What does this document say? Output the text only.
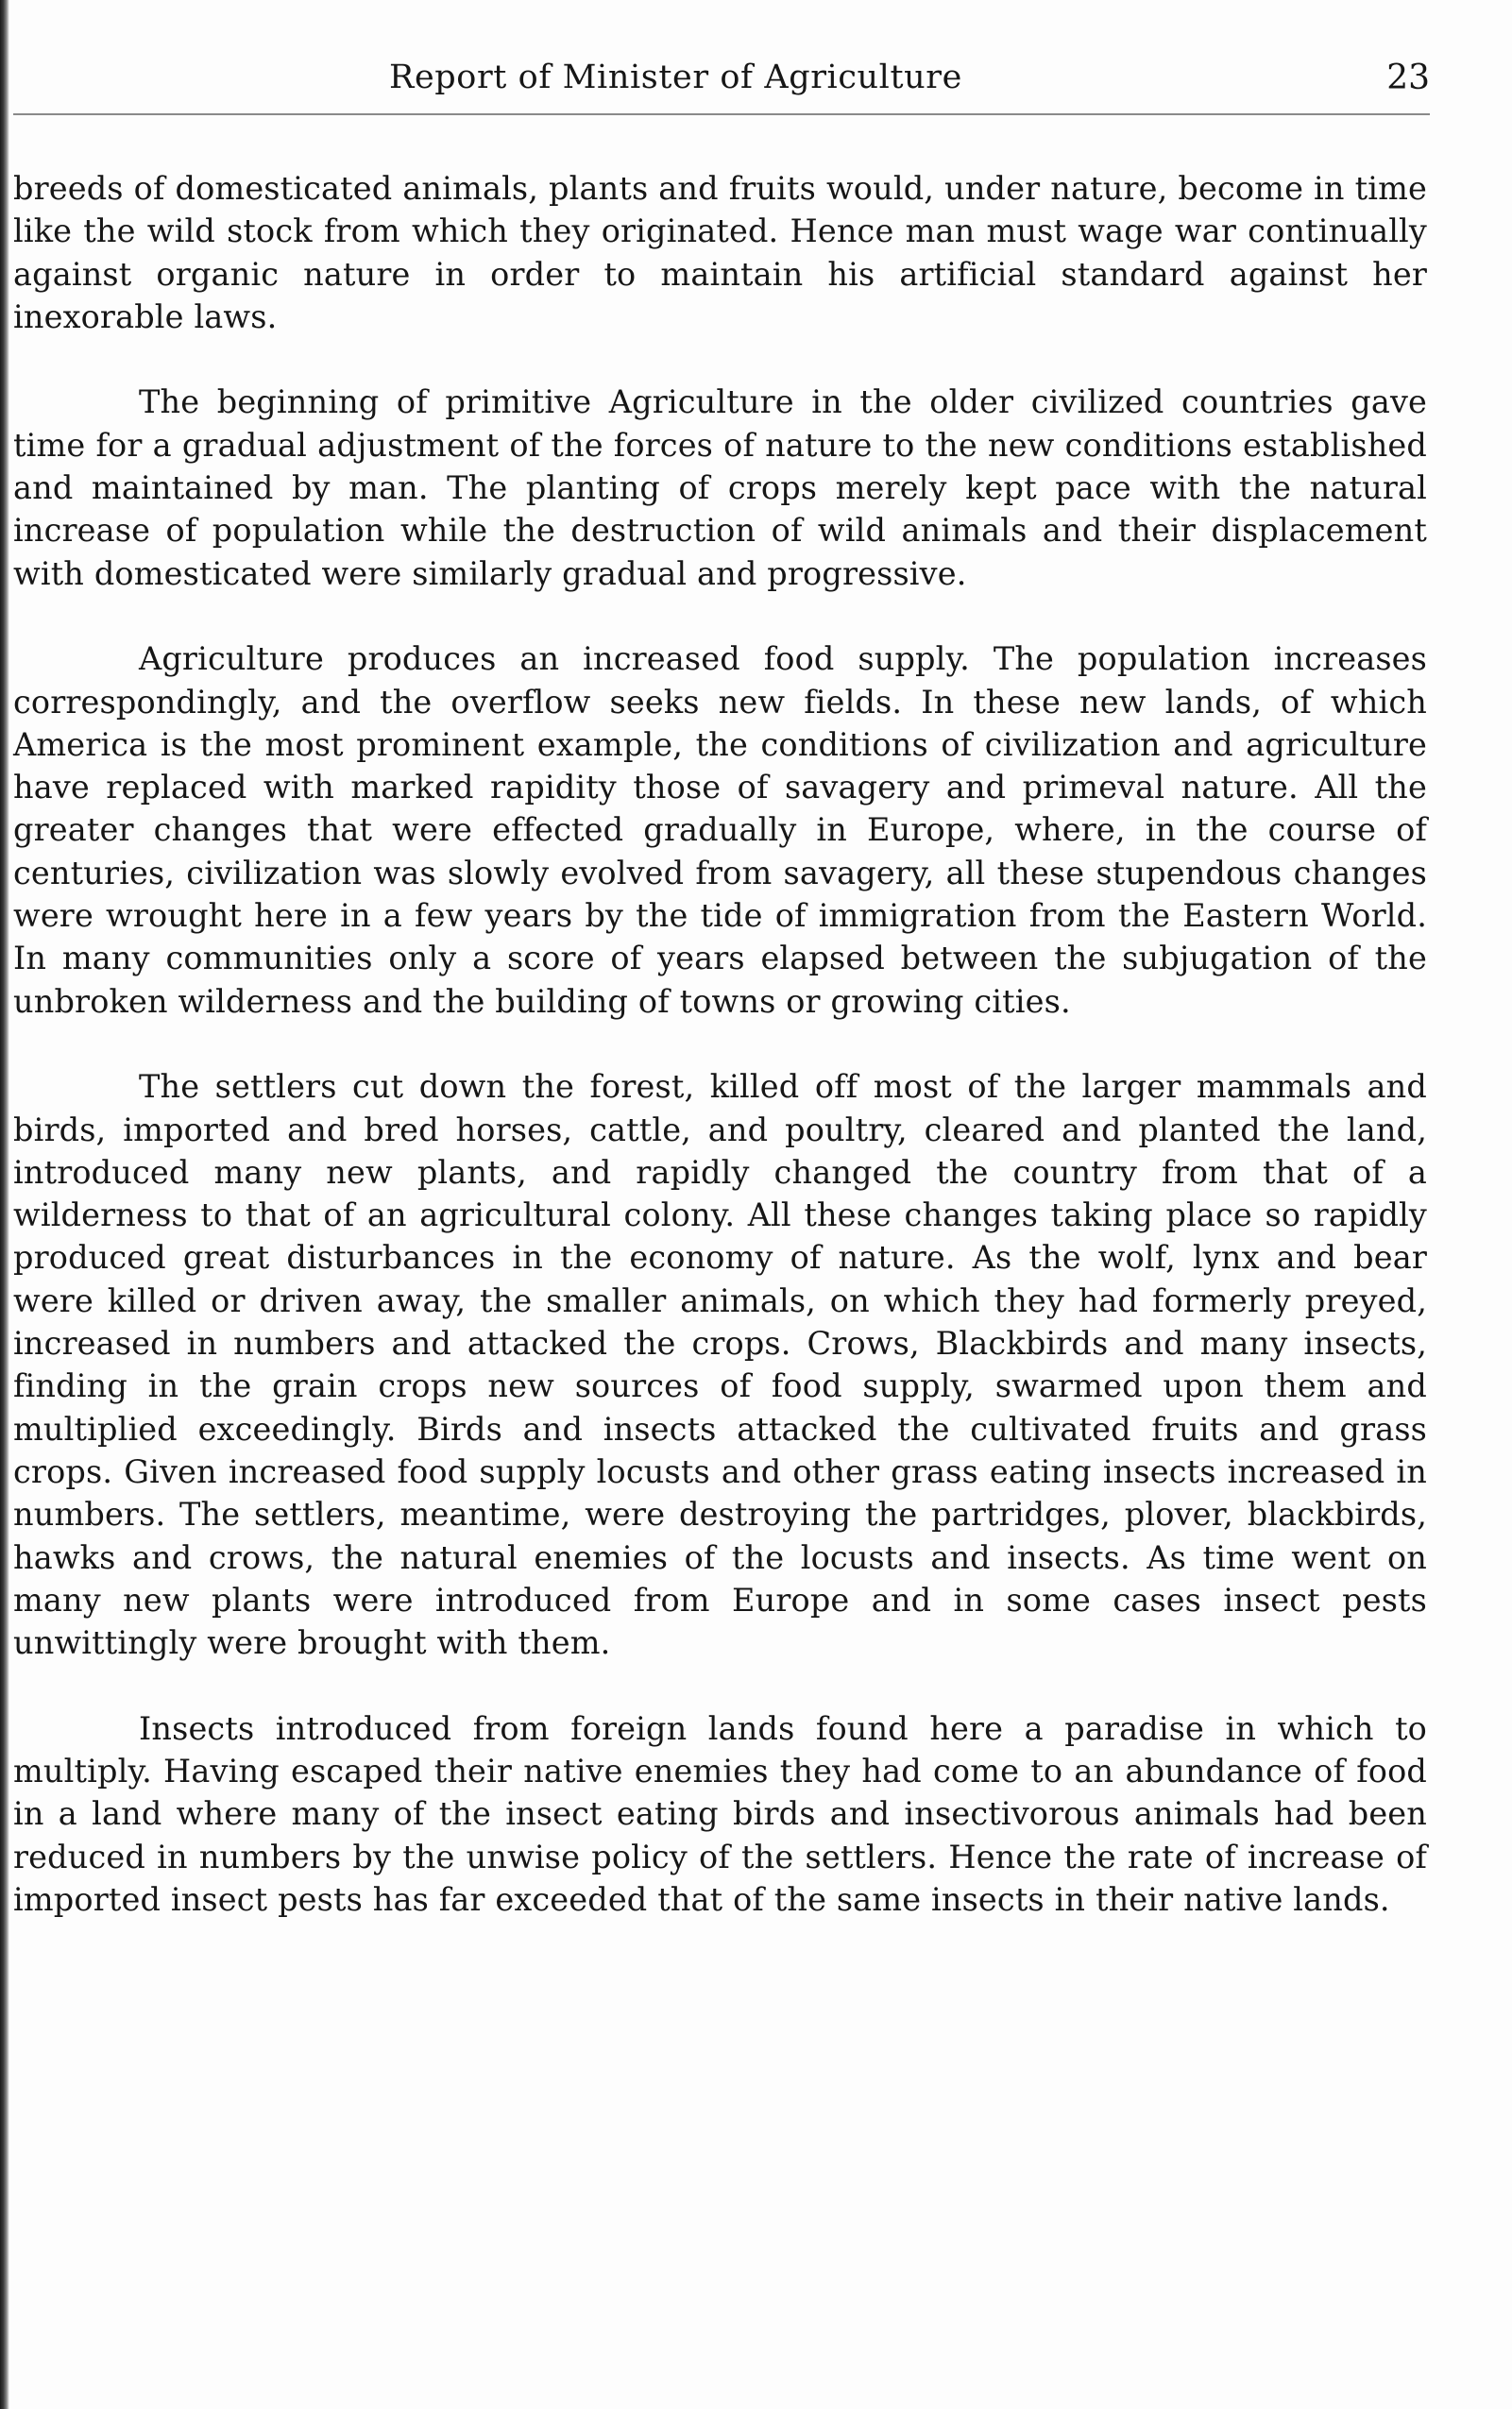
Report of Minister of Agriculture	23

breeds of domesticated animals, plants and fruits would, under nature, become in time like the wild stock from which they originated. Hence man must wage war continually against organic nature in order to maintain his artificial standard against her inexorable laws.

The beginning of primitive Agriculture in the older civilized countries gave time for a gradual adjustment of the forces of nature to the new conditions established and maintained by man. The planting of crops merely kept pace with the natural increase of population while the destruction of wild animals and their displacement with domesticated were similarly gradual and progressive.

Agriculture produces an increased food supply. The population increases correspondingly, and the overflow seeks new fields. In these new lands, of which America is the most prominent example, the conditions of civilization and agriculture have replaced with marked rapidity those of savagery and primeval nature. All the greater changes that were effected gradually in Europe, where, in the course of centuries, civilization was slowly evolved from savagery, all these stupendous changes were wrought here in a few years by the tide of immigration from the Eastern World. In many communities only a score of years elapsed between the subjugation of the unbroken wilderness and the building of towns or growing cities.

The settlers cut down the forest, killed off most of the larger mammals and birds, imported and bred horses, cattle, and poultry, cleared and planted the land, introduced many new plants, and rapidly changed the country from that of a wilderness to that of an agricultural colony. All these changes taking place so rapidly produced great disturbances in the economy of nature. As the wolf, lynx and bear were killed or driven away, the smaller animals, on which they had formerly preyed, increased in numbers and attacked the crops. Crows, Blackbirds and many insects, finding in the grain crops new sources of food supply, swarmed upon them and multiplied exceedingly. Birds and insects attacked the cultivated fruits and grass crops. Given increased food supply locusts and other grass eating insects increased in numbers. The settlers, meantime, were destroying the partridges, plover, blackbirds, hawks and crows, the natural enemies of the locusts and insects. As time went on many new plants were introduced from Europe and in some cases insect pests unwittingly were brought with them.

Insects introduced from foreign lands found here a paradise in which to multiply. Having escaped their native enemies they had come to an abundance of food in a land where many of the insect eating birds and insectivorous animals had been reduced in numbers by the unwise policy of the settlers. Hence the rate of increase of imported insect pests has far exceeded that of the same insects in their native lands.
